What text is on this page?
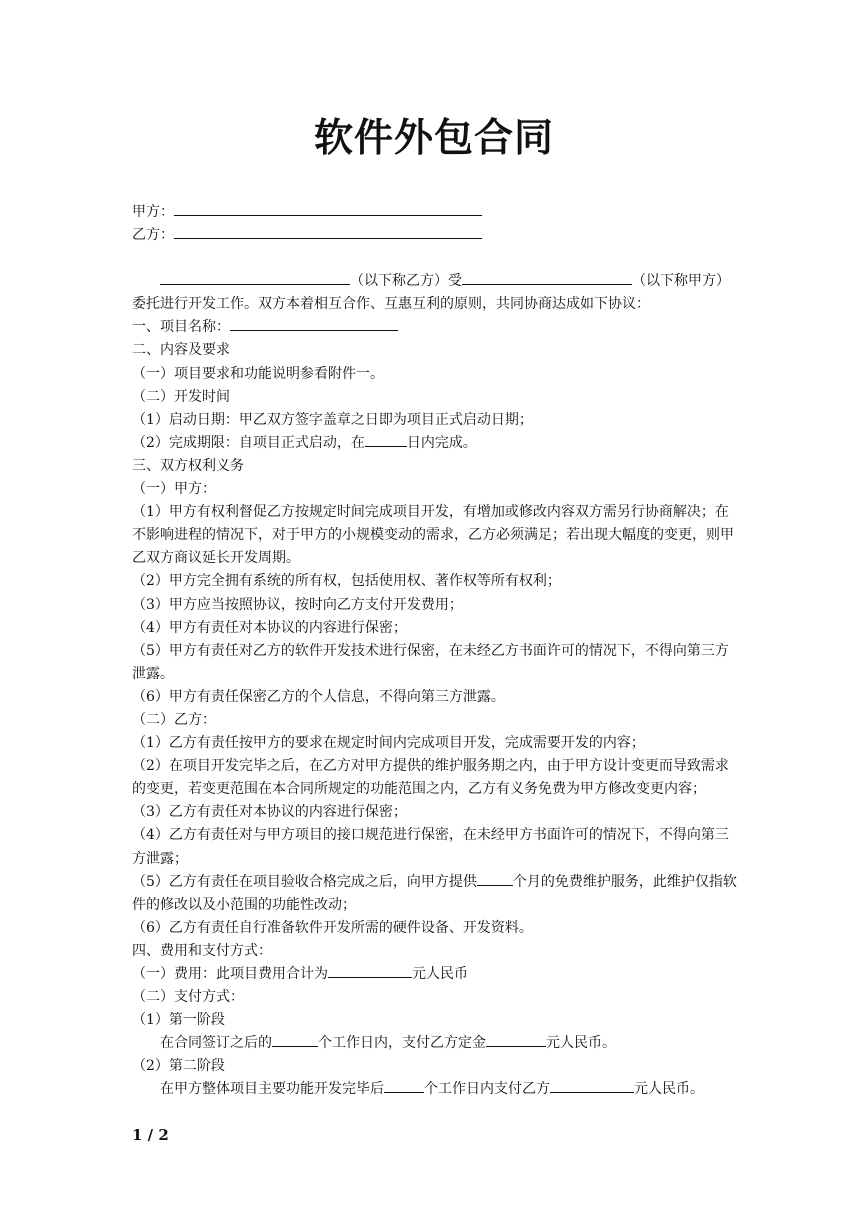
软件外包合同

甲方：

乙方：

（以下称乙方）受	（以下称甲方）委托进行开发工作。双方本着相互合作、互惠互利的原则，共同协商达成如下协议：

一、项目名称：

二、内容及要求

（一）项目要求和功能说明参看附件一。

（二）开发时间

（1）启动日期：甲乙双方签字盖章之日即为项目正式启动日期；

（2）完成期限：自项目正式启动，在	日内完成。

三、双方权利义务

（一）甲方：

（1）甲方有权利督促乙方按规定时间完成项目开发，有增加或修改内容双方需另行协商解决；在不影响进程的情况下，对于甲方的小规模变动的需求，乙方必须满足；若出现大幅度的变更，则甲乙双方商议延长开发周期。

（2）甲方完全拥有系统的所有权，包括使用权、著作权等所有权利；

（3）甲方应当按照协议，按时向乙方支付开发费用；

（4）甲方有责任对本协议的内容进行保密；

（5）甲方有责任对乙方的软件开发技术进行保密，在未经乙方书面许可的情况下，不得向第三方泄露。

（6）甲方有责任保密乙方的个人信息，不得向第三方泄露。

（二）乙方：

（1）乙方有责任按甲方的要求在规定时间内完成项目开发，完成需要开发的内容；

（2）在项目开发完毕之后，在乙方对甲方提供的维护服务期之内，由于甲方设计变更而导致需求的变更，若变更范围在本合同所规定的功能范围之内，乙方有义务免费为甲方修改变更内容；

（3）乙方有责任对本协议的内容进行保密；

（4）乙方有责任对与甲方项目的接口规范进行保密，在未经甲方书面许可的情况下，不得向第三方泄露；

（5）乙方有责任在项目验收合格完成之后，向甲方提供	个月的免费维护服务，此维护仅指软件的修改以及小范围的功能性改动；

（6）乙方有责任自行准备软件开发所需的硬件设备、开发资料。

四、费用和支付方式：

（一）费用：此项目费用合计为	元人民币

（二）支付方式：

（1）第一阶段

在合同签订之后的	个工作日内，支付乙方定金	元人民币。

（2）第二阶段

在甲方整体项目主要功能开发完毕后	个工作日内支付乙方	元人民币。

1 / 2
